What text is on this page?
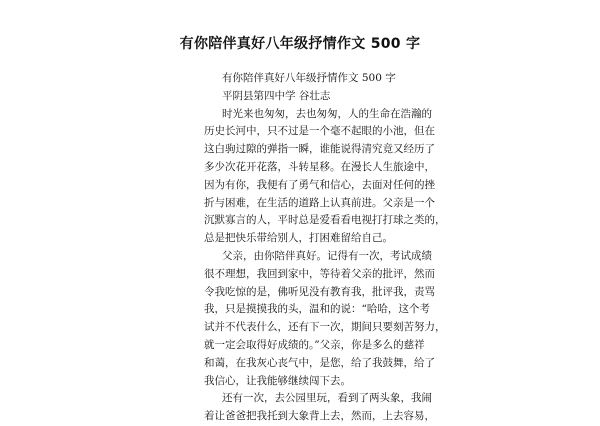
有你陪伴真好八年级抒情作文 500 字
有你陪伴真好八年级抒情作文 500 字
平阴县第四中学 谷壮志
时光来也匆匆，去也匆匆，人的生命在浩瀚的
历史长河中，只不过是一个毫不起眼的小池，但在
这白驹过隙的弹指一瞬，谁能说得清究竟又经历了
多少次花开花落，斗转星移。在漫长人生旅途中，
因为有你，我便有了勇气和信心，去面对任何的挫
折与困难，在生活的道路上认真前进。父亲是一个
沉默寡言的人，平时总是爱看看电视打打球之类的，
总是把快乐带给别人，打困难留给自己。
父亲，由你陪伴真好。记得有一次，考试成绩
很不理想，我回到家中，等待着父亲的批评，然而
令我吃惊的是，佛听见没有教育我，批评我，责骂
我，只是摸摸我的头，温和的说：“哈哈，这个考
试并不代表什么，还有下一次，期间只要刻苦努力，
就一定会取得好成绩的。”父亲，你是多么的慈祥
和蔼，在我灰心丧气中，是您，给了我鼓舞，给了
我信心，让我能够继续闯下去。
还有一次，去公园里玩，看到了两头象，我闹
着让爸爸把我托到大象背上去，然而，上去容易，
